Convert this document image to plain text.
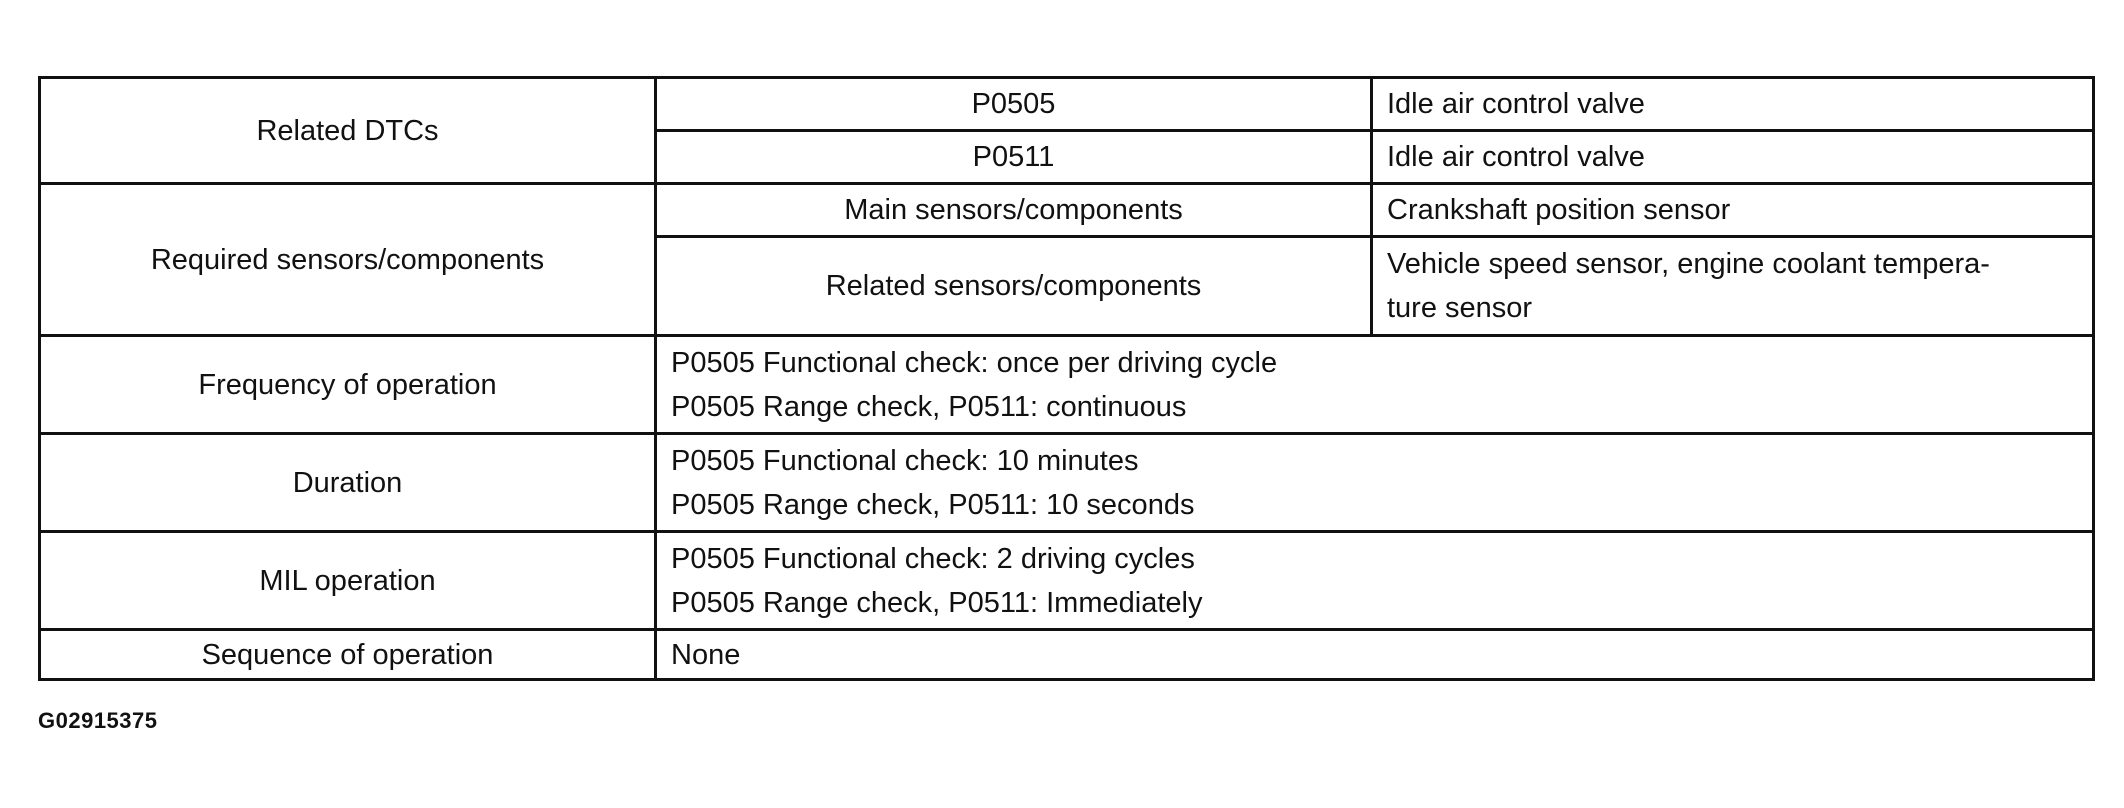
Related DTCs	P0505	Idle air control valve
	P0511	Idle air control valve
Required sensors/components	Main sensors/components	Crankshaft position sensor
	Related sensors/components	Vehicle speed sensor, engine coolant tempera-
ture sensor

Frequency of operation	P0505 Functional check: once per driving cycle
P0505 Range check, P0511: continuous	

Duration	P0505 Functional check: 10 minutes
P0505 Range check, P0511: 10 seconds	

MIL operation	P0505 Functional check: 2 driving cycles
P0505 Range check, P0511: Immediately	

Sequence of operation	None	
G02915375
